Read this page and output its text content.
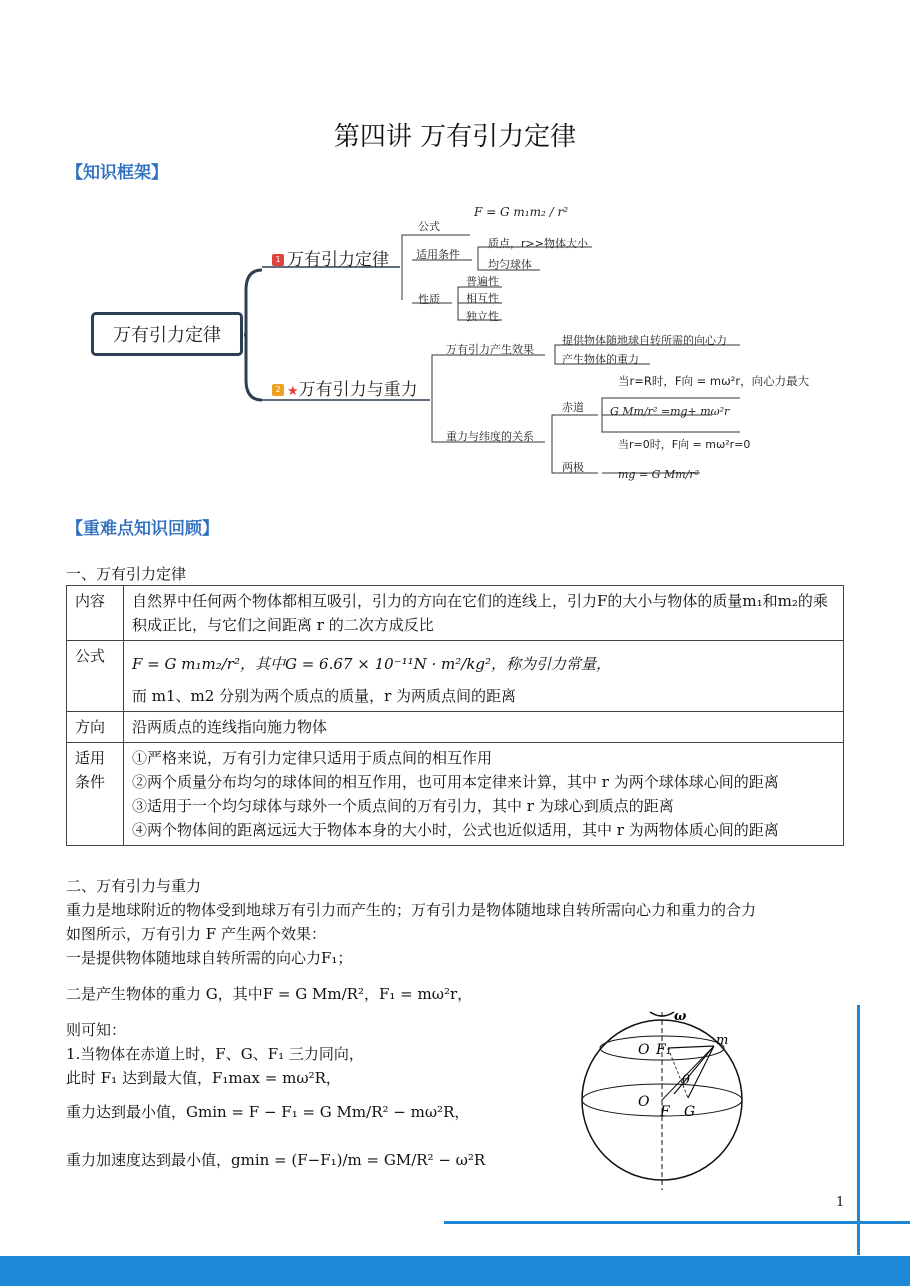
第四讲 万有引力定律
【知识框架】
万有引力定律
1 万有引力定律
公式
F = G m₁m₂ / r²
适用条件
质点，r>>物体大小
均匀球体
性质
普遍性
相互性
独立性
2 ★万有引力与重力
万有引力产生效果
提供物体随地球自转所需的向心力
产生物体的重力
重力与纬度的关系
赤道
当r=R时，F向 = mω²r，向心力最大
G Mm/r² =mg+ mω²r
当r=0时，F向 = mω²r=0
两极
mg = G Mm/r²
【重难点知识回顾】
一、万有引力定律
内容	自然界中任何两个物体都相互吸引，引力的方向在它们的连线上，引力F的大小与物体的质量m₁和m₂的乘积成正比，与它们之间距离 r 的二次方成反比
公式	F = G m₁m₂/r²，其中G = 6.67 × 10⁻¹¹N · m²/kg²，称为引力常量，
而 m1、m2 分别为两个质点的质量，r 为两质点间的距离

方向	沿两质点的连线指向施力物体
适用条件	①严格来说，万有引力定律只适用于质点间的相互作用
②两个质量分布均匀的球体间的相互作用，也可用本定律来计算，其中 r 为两个球体球心间的距离
③适用于一个均匀球体与球外一个质点间的万有引力，其中 r 为球心到质点的距离
④两个物体间的距离远远大于物体本身的大小时，公式也近似适用，其中 r 为两物体质心间的距离
二、万有引力与重力
重力是地球附近的物体受到地球万有引力而产生的；万有引力是物体随地球自转所需向心力和重力的合力
如图所示，万有引力 F 产生两个效果：
一是提供物体随地球自转所需的向心力F₁；
二是产生物体的重力 G，其中F = G Mm/R²，F₁ = mω²r，
则可知：
1.当物体在赤道上时，F、G、F₁ 三力同向，
此时 F₁ 达到最大值，F₁max = mω²R，
重力达到最小值，Gmin = F − F₁ = G Mm/R² − mω²R，
重力加速度达到最小值，gmin = (F−F₁)/m = GM/R² − ω²R
ω
O F₁
m
θ
O
F G
1
